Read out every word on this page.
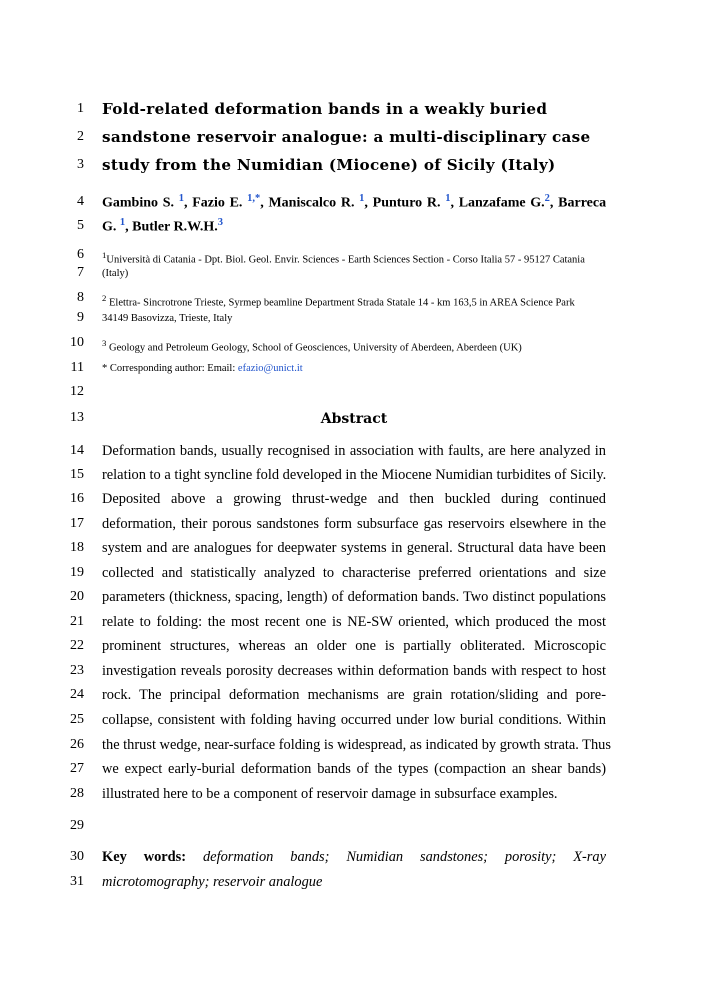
1
2
3
4
5
6
7
8
9
10
11
12
13
14
15
16
17
18
19
20
21
22
23
24
25
26
27
28
29
30
31
Fold-related deformation bands in a weakly buried
sandstone reservoir analogue: a multi-disciplinary case
study from the Numidian (Miocene) of Sicily (Italy)
Gambino S. $^1$, Fazio E. $^{1,*}$, Maniscalco R. $^1$, Punturo R. $^1$, Lanzafame G.$^2$, Barreca
G. $^1$, Butler R.W.H.$^3$
$^1$Università di Catania - Dpt. Biol. Geol. Envir. Sciences - Earth Sciences Section - Corso Italia 57 - 95127 Catania
(Italy)
$^2$ Elettra- Sincrotrone Trieste, Syrmep beamline Department Strada Statale 14 - km 163,5 in AREA Science Park
34149 Basovizza, Trieste, Italy
$^3$ Geology and Petroleum Geology, School of Geosciences, University of Aberdeen, Aberdeen (UK)
* Corresponding author: Email: efazio@unict.it
Abstract
Deformation bands, usually recognised in association with faults, are here analyzed in
relation to a tight syncline fold developed in the Miocene Numidian turbidites of Sicily.
Deposited above a growing thrust-wedge and then buckled during continued
deformation, their porous sandstones form subsurface gas reservoirs elsewhere in the
system and are analogues for deepwater systems in general. Structural data have been
collected and statistically analyzed to characterise preferred orientations and size
parameters (thickness, spacing, length) of deformation bands. Two distinct populations
relate to folding: the most recent one is NE-SW oriented, which produced the most
prominent structures, whereas an older one is partially obliterated. Microscopic
investigation reveals porosity decreases within deformation bands with respect to host
rock. The principal deformation mechanisms are grain rotation/sliding and pore-
collapse, consistent with folding having occurred under low burial conditions. Within
the thrust wedge, near-surface folding is widespread, as indicated by growth strata. Thus
we expect early-burial deformation bands of the types (compaction an shear bands)
illustrated here to be a component of reservoir damage in subsurface examples.
Key words: deformation bands; Numidian sandstones; porosity; X-ray
microtomography; reservoir analogue
